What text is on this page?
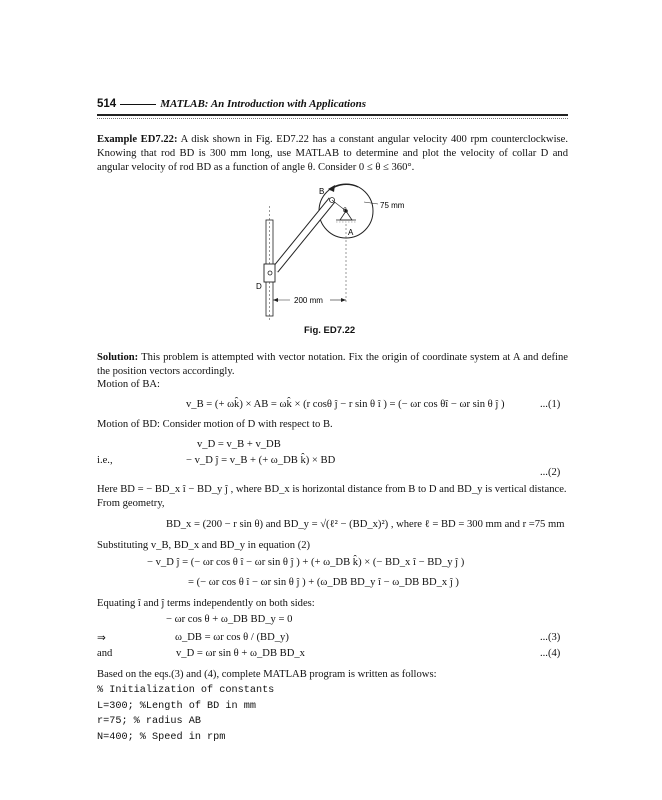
514	MATLAB: An Introduction with Applications
Example ED7.22: A disk shown in Fig. ED7.22 has a constant angular velocity 400 rpm counterclockwise. Knowing that rod BD is 300 mm long, use MATLAB to determine and plot the velocity of collar D and angular velocity of rod BD as a function of angle θ. Consider 0 ≤ θ ≤ 360°.
B
θ
A
D
75 mm
200 mm
Fig. ED7.22
Solution: This problem is attempted with vector notation. Fix the origin of coordinate system at A and define the position vectors accordingly.
Motion of BA:
v_B = (+ ωk̂) × AB = ωk̂ × (r cosθ ĵ − r sin θ î ) = (− ωr cos θî − ωr sin θ ĵ )	...(1)
Motion of BD: Consider motion of D with respect to B.
v_D = v_B + v_DB
i.e.,	− v_D ĵ = v_B + (+ ω_DB k̂) × BD
...(2)
Here BD = − BD_x î − BD_y ĵ , where BD_x is horizontal distance from B to D and BD_y is vertical distance.
From geometry,
BD_x = (200 − r sin θ) and BD_y = √(ℓ² − (BD_x)²) , where ℓ = BD = 300 mm and r =75 mm
Substituting v_B, BD_x and BD_y in equation (2)
− v_D ĵ = (− ωr cos θ î − ωr sin θ ĵ ) + (+ ω_DB k̂) × (− BD_x î − BD_y ĵ )
= (− ωr cos θ î − ωr sin θ ĵ ) + (ω_DB BD_y î − ω_DB BD_x ĵ )
Equating î and ĵ terms independently on both sides:
− ωr cos θ + ω_DB BD_y = 0
⇒	ω_DB = ωr cos θ / (BD_y)	...(3)
and	v_D = ωr sin θ + ω_DB BD_x	...(4)
Based on the eqs.(3) and (4), complete MATLAB program is written as follows:
% Initialization of constants
L=300; %Length of BD in mm
r=75; % radius AB
N=400; % Speed in rpm
